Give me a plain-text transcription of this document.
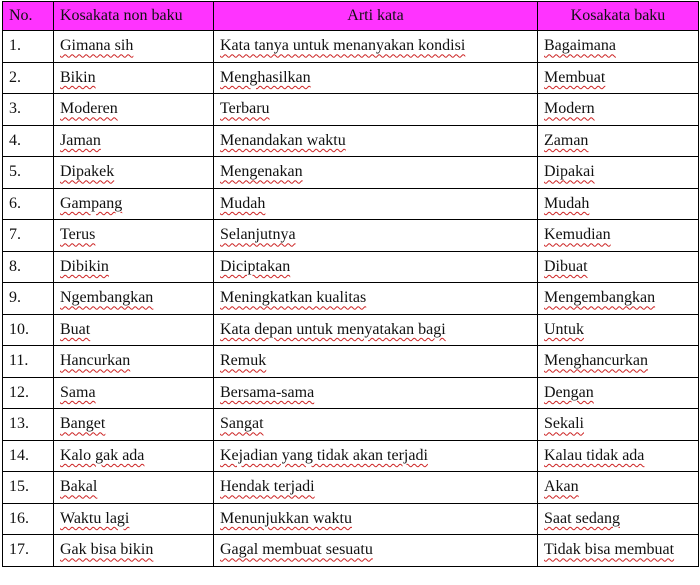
No.	Kosakata non baku	Arti kata	Kosakata baku
1.	Gimana sih	Kata tanya untuk menanyakan kondisi	Bagaimana
2.	Bikin	Menghasilkan	Membuat
3.	Moderen	Terbaru	Modern
4.	Jaman	Menandakan waktu	Zaman
5.	Dipakek	Mengenakan	Dipakai
6.	Gampang	Mudah	Mudah
7.	Terus	Selanjutnya	Kemudian
8.	Dibikin	Diciptakan	Dibuat
9.	Ngembangkan	Meningkatkan kualitas	Mengembangkan
10.	Buat	Kata depan untuk menyatakan bagi	Untuk
11.	Hancurkan	Remuk	Menghancurkan
12.	Sama	Bersama-sama	Dengan
13.	Banget	Sangat	Sekali
14.	Kalo gak ada	Kejadian yang tidak akan terjadi	Kalau tidak ada
15.	Bakal	Hendak terjadi	Akan
16.	Waktu lagi	Menunjukkan waktu	Saat sedang
17.	Gak bisa bikin	Gagal membuat sesuatu	Tidak bisa membuat
